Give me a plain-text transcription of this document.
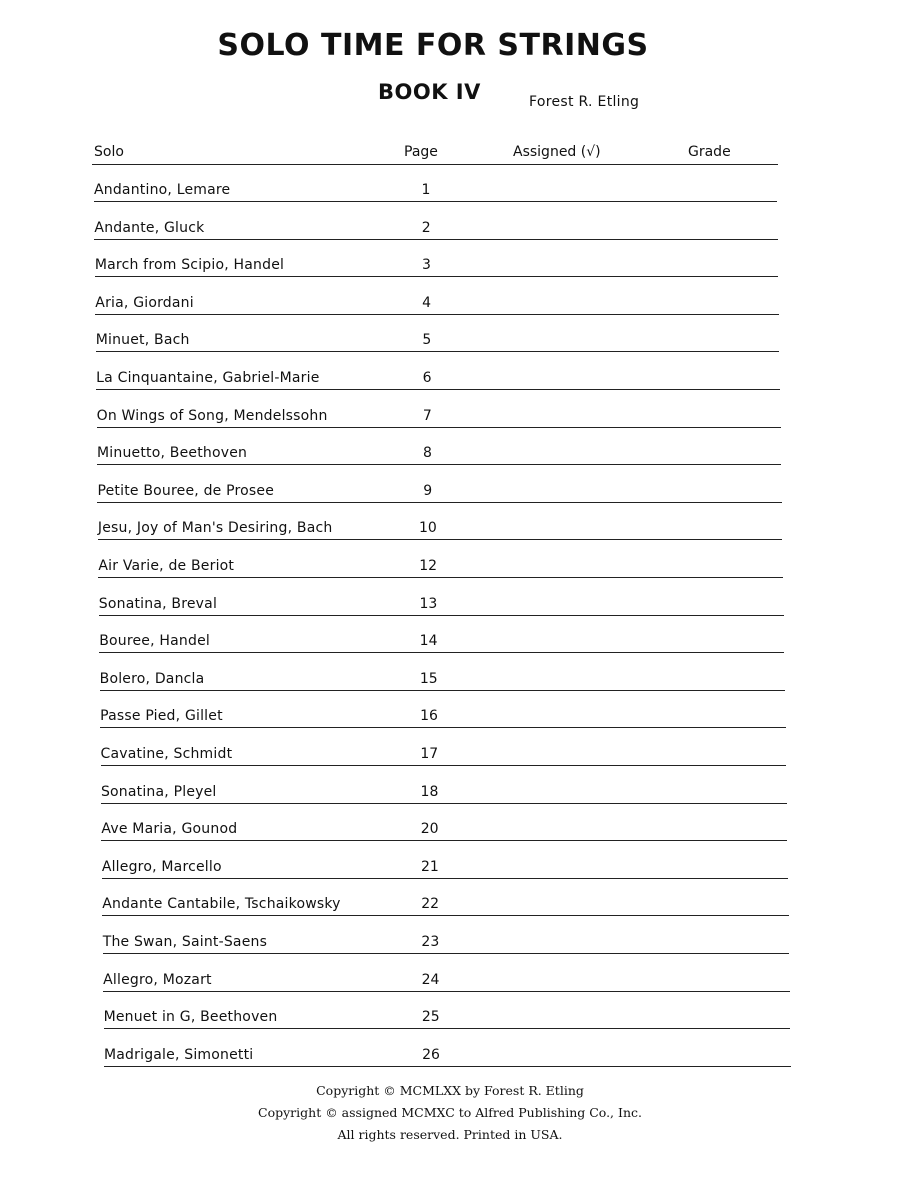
SOLO TIME FOR STRINGS
BOOK IV	Forest R. Etling
Solo	Page	Assigned (√)	Grade
Andantino, Lemare	1
Andante, Gluck	2
March from Scipio, Handel	3
Aria, Giordani	4
Minuet, Bach	5
La Cinquantaine, Gabriel-Marie	6
On Wings of Song, Mendelssohn	7
Minuetto, Beethoven	8
Petite Bouree, de Prosee	9
Jesu, Joy of Man's Desiring, Bach	10
Air Varie, de Beriot	12
Sonatina, Breval	13
Bouree, Handel	14
Bolero, Dancla	15
Passe Pied, Gillet	16
Cavatine, Schmidt	17
Sonatina, Pleyel	18
Ave Maria, Gounod	20
Allegro, Marcello	21
Andante Cantabile, Tschaikowsky	22
The Swan, Saint-Saens	23
Allegro, Mozart	24
Menuet in G, Beethoven	25
Madrigale, Simonetti	26
Copyright © MCMLXX by Forest R. Etling
Copyright © assigned MCMXC to Alfred Publishing Co., Inc.
All rights reserved. Printed in USA.
